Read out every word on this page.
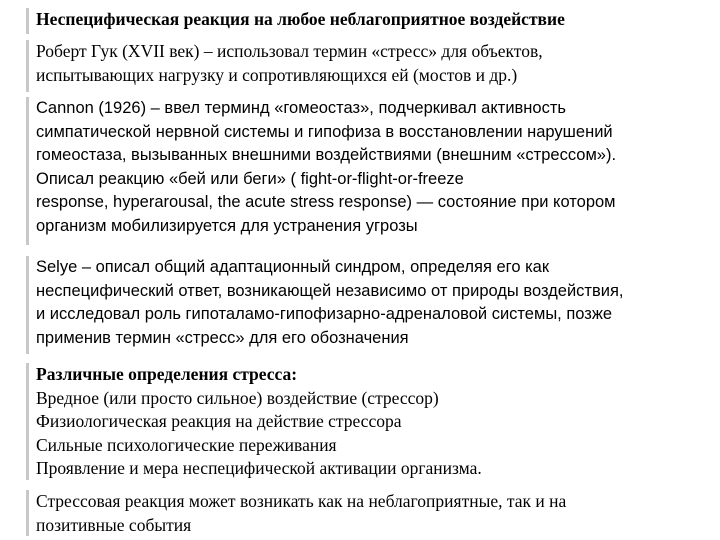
Неспецифическая реакция на любое неблагоприятное воздействие
Роберт Гук (XVII век) – использовал термин «стресс» для объектов,
испытывающих нагрузку и сопротивляющихся ей (мостов и др.)
Cannon (1926) – ввел терминд «гомеостаз», подчеркивал активность
симпатической нервной системы и гипофиза в восстановлении нарушений
гомеостаза, вызыванных внешними воздействиями (внешним «стрессом»).
Описал реакцию «бей или беги» ( fight-or-flight-or-freeze
response, hyperarousal, the acute stress response) — состояние при котором
организм мобилизируется для устранения угрозы
Selye – описал общий адаптационный синдром, определяя его как
неспецифический ответ, возникающей независимо от природы воздействия,
и исследовал роль гипоталамо-гипофизарно-адреналовой системы, позже
применив термин «стресс» для его обозначения
Различные определения стресса:
Вредное (или просто сильное) воздействие (стрессор)
Физиологическая реакция на действие стрессора
Сильные психологические переживания
Проявление и мера неспецифической активации организма.
Стрессовая реакция может возникать как на неблагоприятные, так и на
позитивные события
